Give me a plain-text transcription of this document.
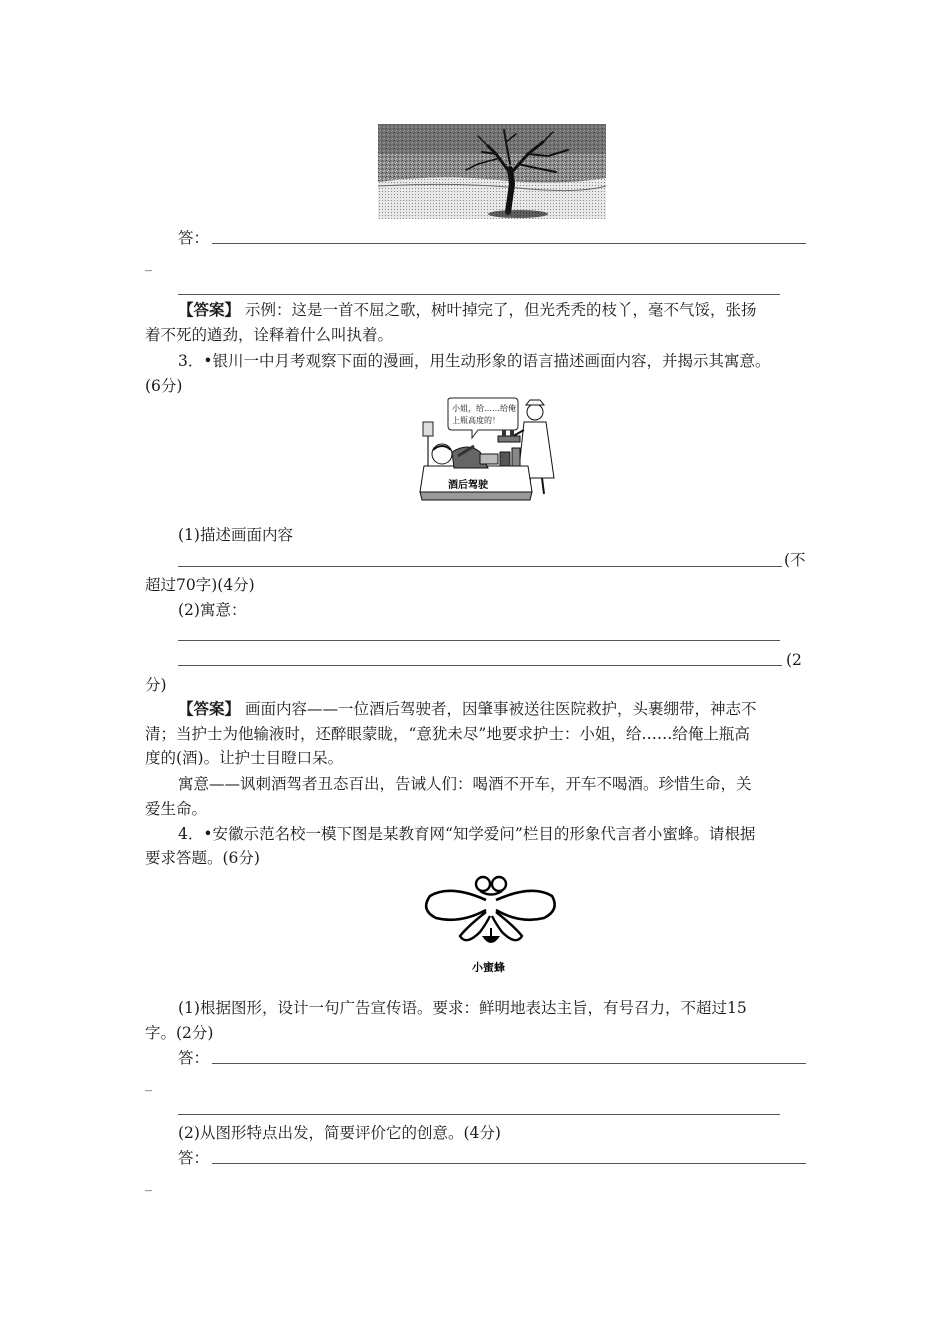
答：
_
【答案】 示例：这是一首不屈之歌，树叶掉完了，但光秃秃的枝丫，毫不气馁，张扬
着不死的遒劲，诠释着什么叫执着。
3．•银川一中月考观察下面的漫画，用生动形象的语言描述画面内容，并揭示其寓意。
(6分)
小姐，给……给俺
上瓶高度的！
酒后驾驶
(1)描述画面内容
(不
超过70字)(4分)
(2)寓意：
(2
分)
【答案】 画面内容——一位酒后驾驶者，因肇事被送往医院救护，头裹绷带，神志不
清；当护士为他输液时，还醉眼蒙眬，“意犹未尽”地要求护士：小姐，给……给俺上瓶高
度的(酒)。让护士目瞪口呆。
寓意——讽刺酒驾者丑态百出，告诫人们：喝酒不开车，开车不喝酒。珍惜生命，关
爱生命。
4．•安徽示范名校一模下图是某教育网“知学爱问”栏目的形象代言者小蜜蜂。请根据
要求答题。(6分)
小蜜蜂
(1)根据图形，设计一句广告宣传语。要求：鲜明地表达主旨，有号召力，不超过15
字。(2分)
答：
_
(2)从图形特点出发，简要评价它的创意。(4分)
答：
_
